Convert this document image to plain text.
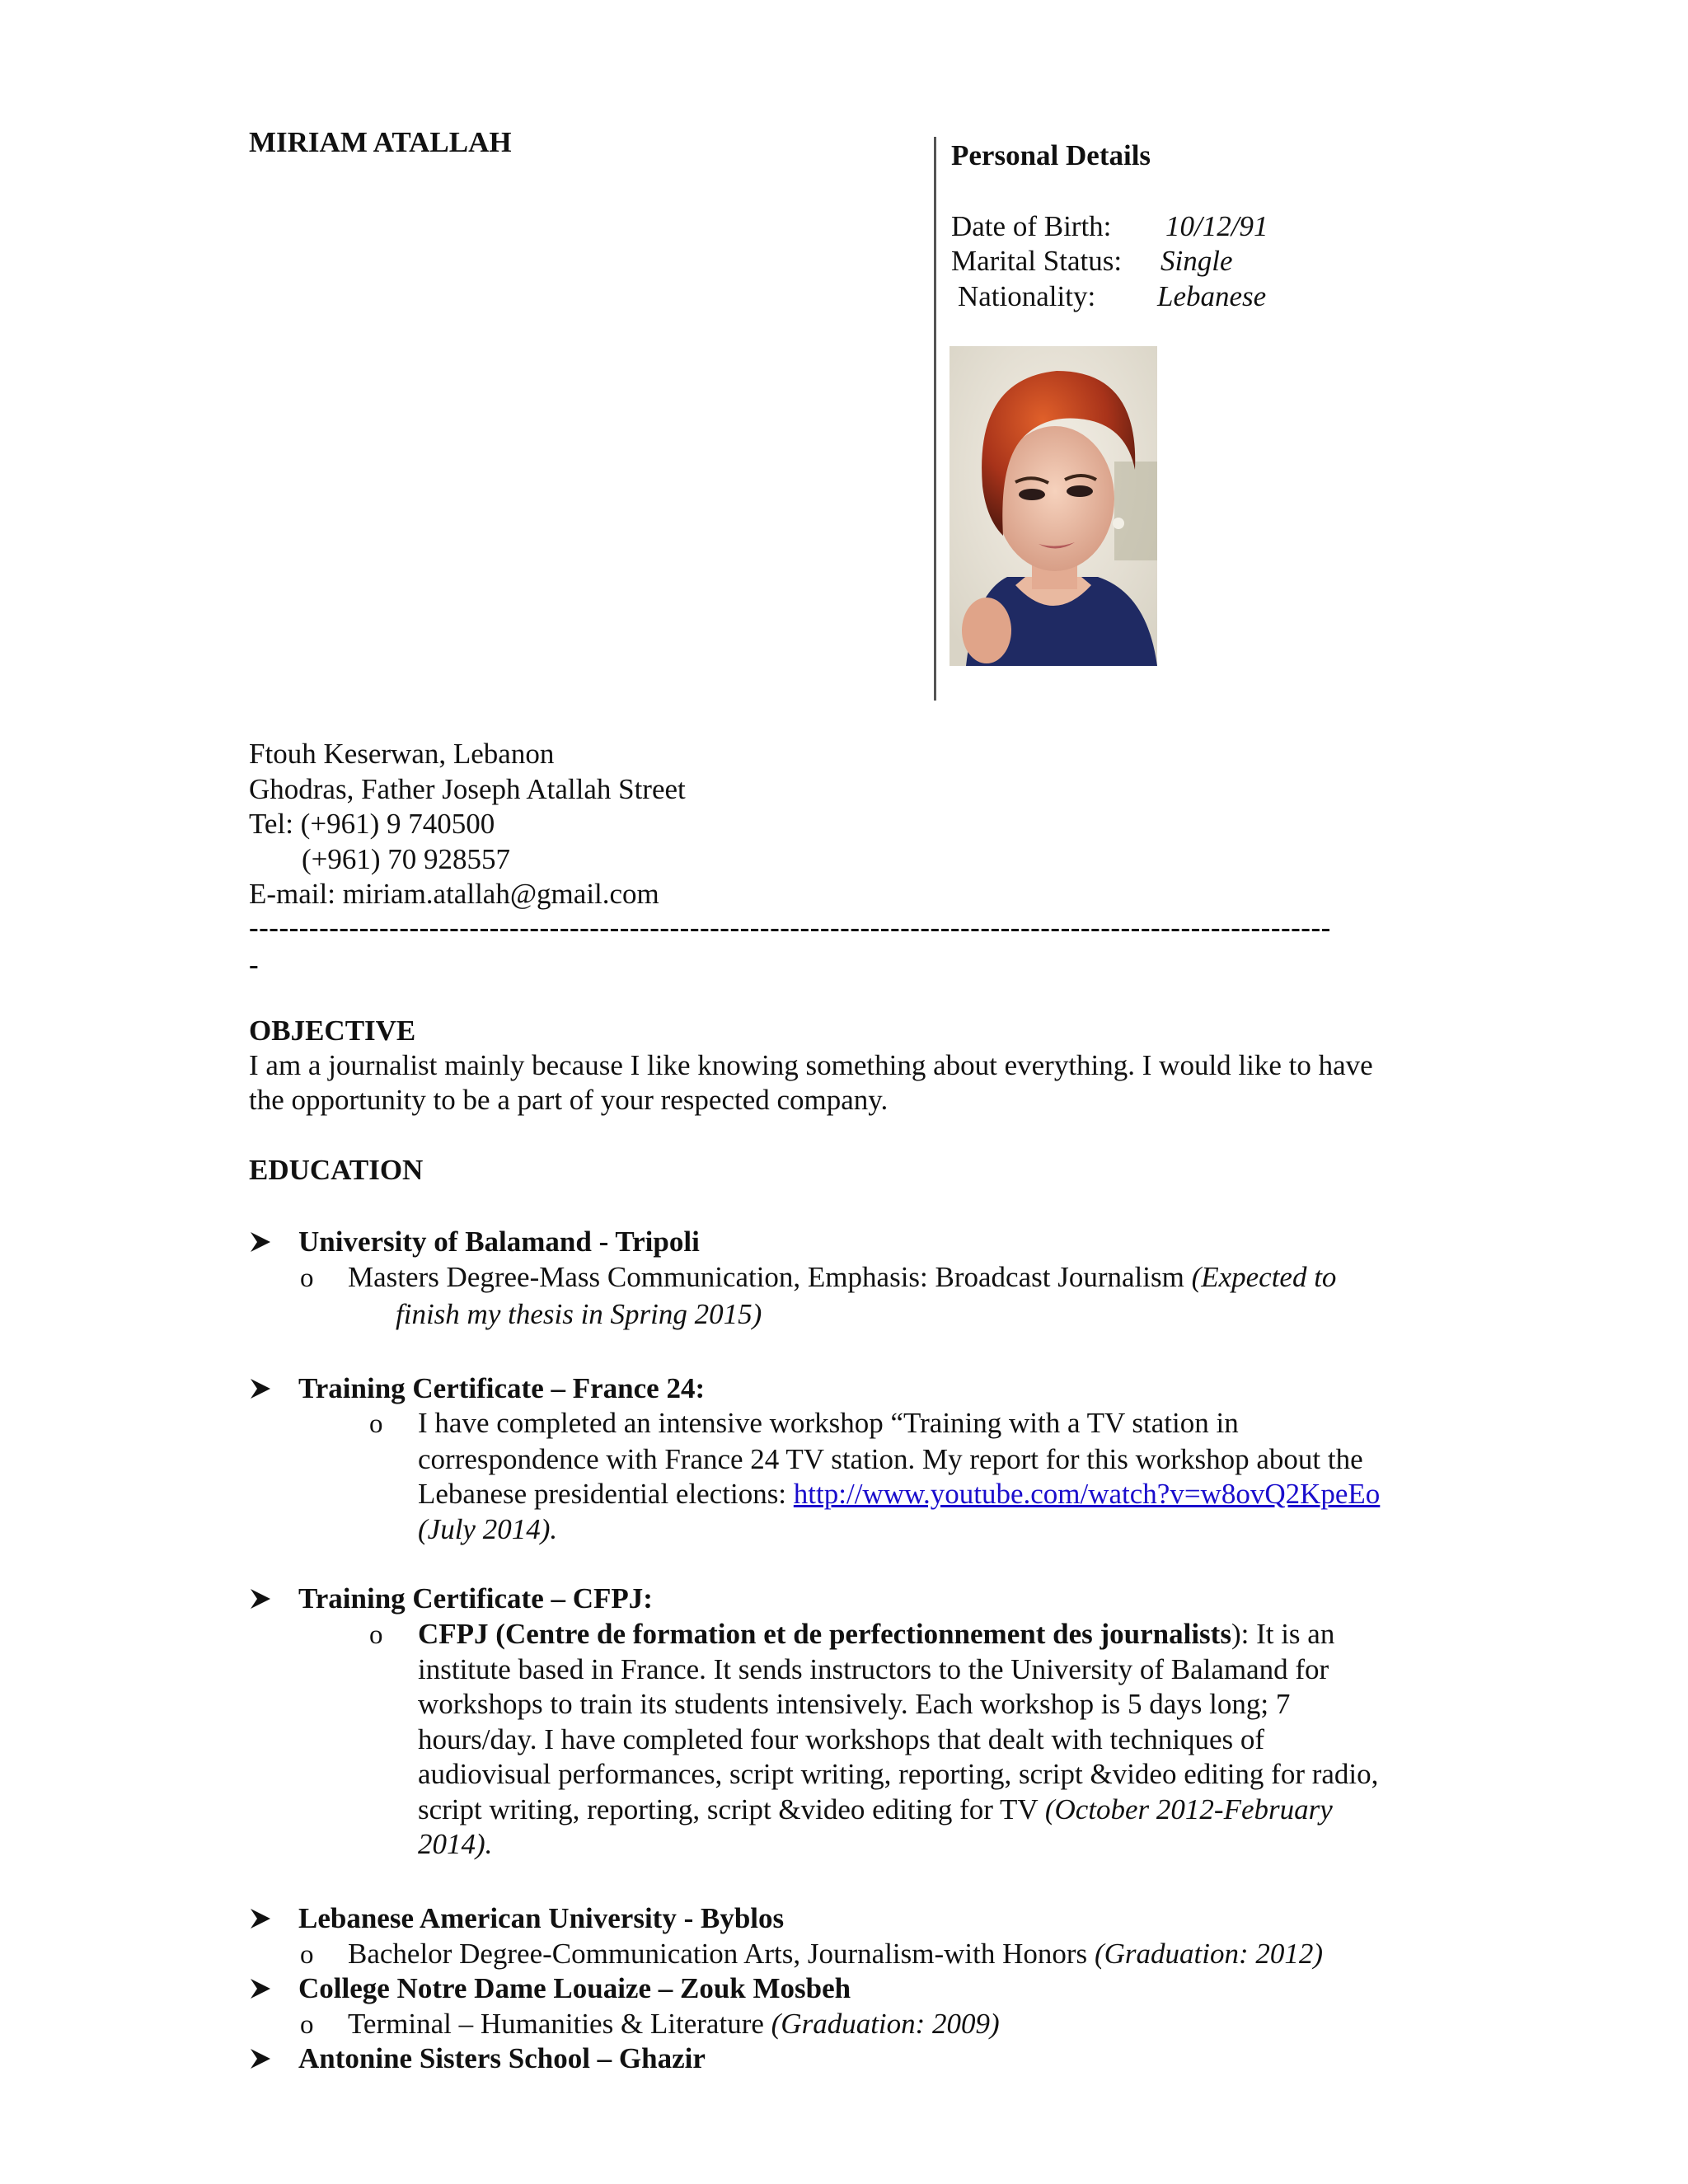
MIRIAM ATALLAH	Personal Details
Date of Birth: 10/12/91
Marital Status: Single
Nationality: Lebanese
Ftouh Keserwan, Lebanon
Ghodras, Father Joseph Atallah Street
Tel: (+961) 9 740500
(+961) 70 928557
E-mail: miriam.atallah@gmail.com
------------------------------------------------------------------------------------------------------------
-
OBJECTIVE
I am a journalist mainly because I like knowing something about everything. I would like to have
the opportunity to be a part of your respected company.
EDUCATION
University of Balamand - Tripoli
o Masters Degree-Mass Communication, Emphasis: Broadcast Journalism (Expected to
finish my thesis in Spring 2015)
Training Certificate – France 24:
o I have completed an intensive workshop “Training with a TV station in
correspondence with France 24 TV station. My report for this workshop about the
Lebanese presidential elections: http://www.youtube.com/watch?v=w8ovQ2KpeEo
(July 2014).
Training Certificate – CFPJ:
o CFPJ (Centre de formation et de perfectionnement des journalists): It is an
institute based in France. It sends instructors to the University of Balamand for
workshops to train its students intensively. Each workshop is 5 days long; 7
hours/day. I have completed four workshops that dealt with techniques of
audiovisual performances, script writing, reporting, script &video editing for radio,
script writing, reporting, script &video editing for TV (October 2012-February
2014).
Lebanese American University - Byblos
o Bachelor Degree-Communication Arts, Journalism-with Honors (Graduation: 2012)
College Notre Dame Louaize – Zouk Mosbeh
o Terminal – Humanities & Literature (Graduation: 2009)
Antonine Sisters School – Ghazir
